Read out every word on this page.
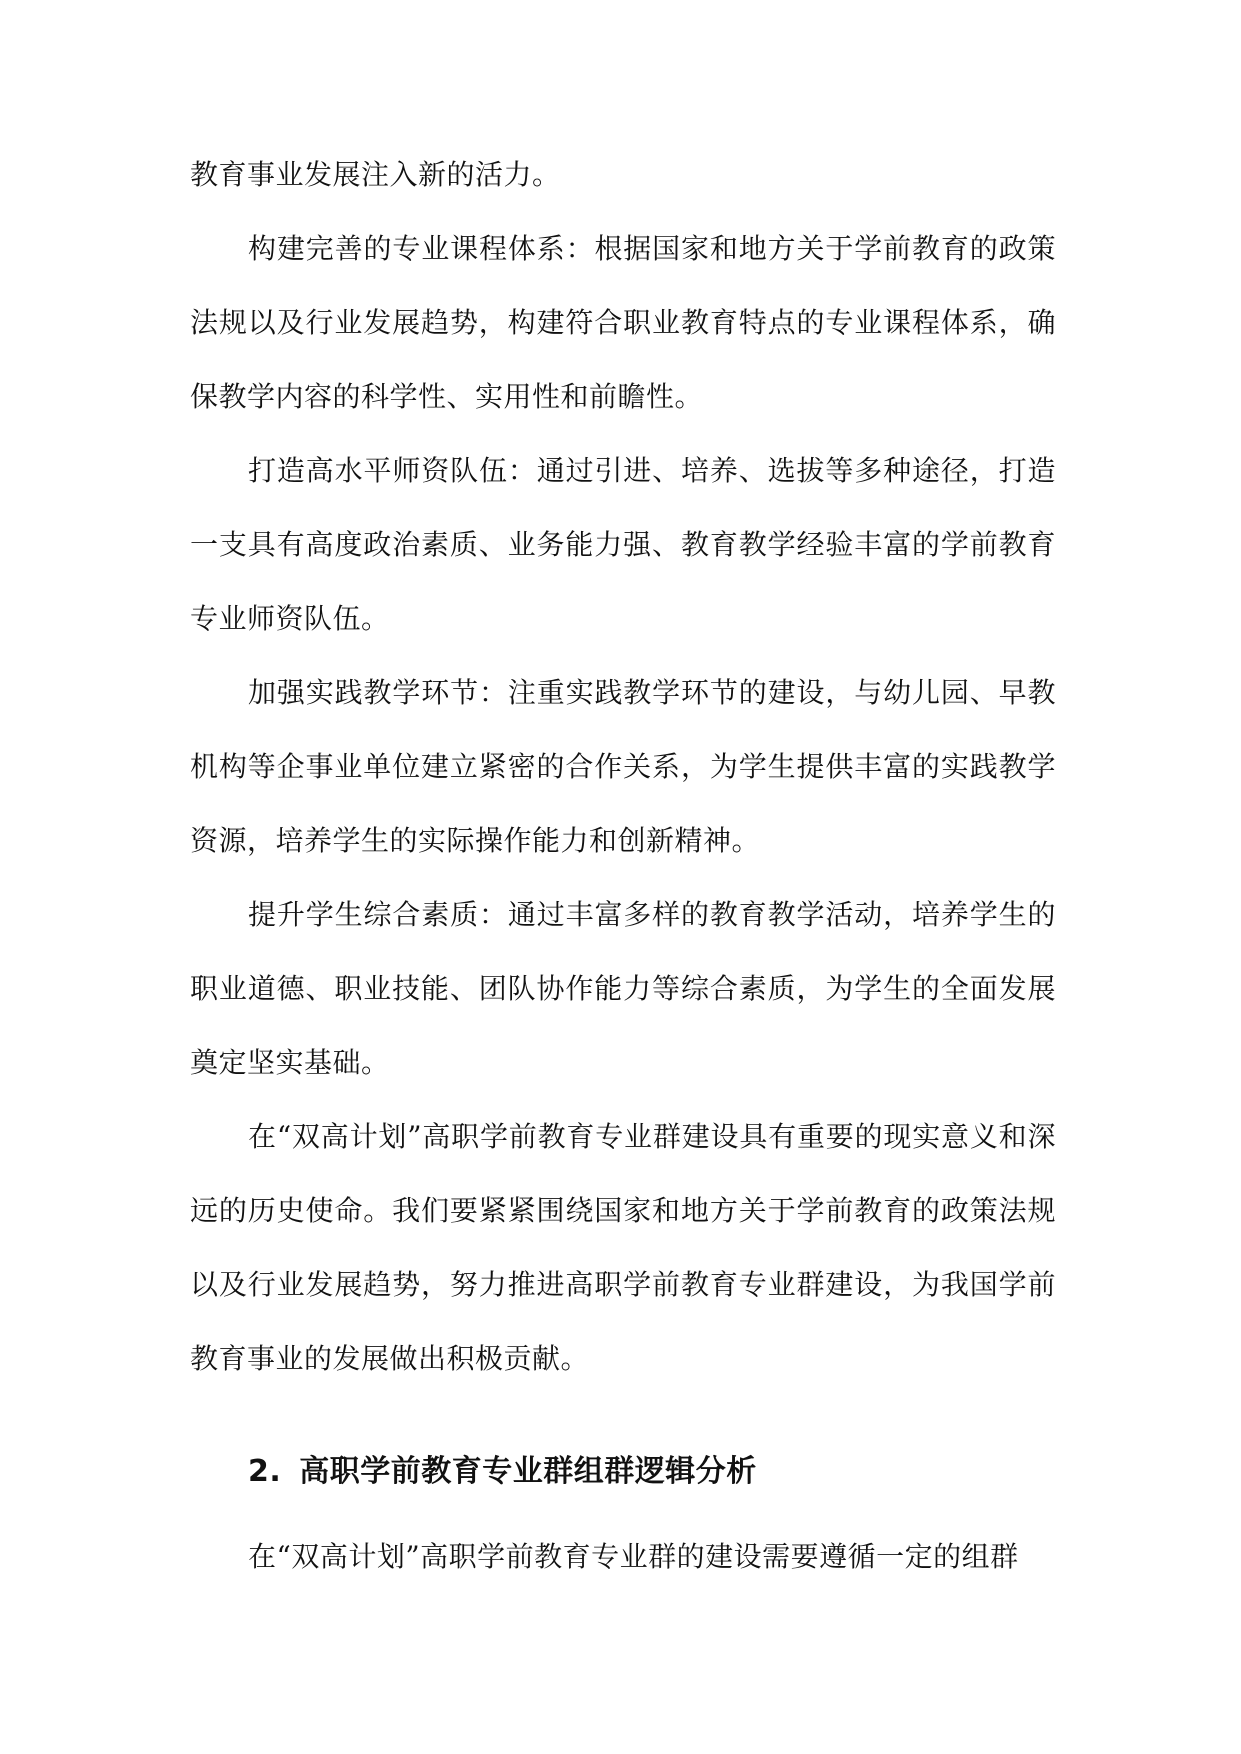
教育事业发展注入新的活力。

构建完善的专业课程体系：根据国家和地方关于学前教育的政策法规以及行业发展趋势，构建符合职业教育特点的专业课程体系，确保教学内容的科学性、实用性和前瞻性。

打造高水平师资队伍：通过引进、培养、选拔等多种途径，打造一支具有高度政治素质、业务能力强、教育教学经验丰富的学前教育专业师资队伍。

加强实践教学环节：注重实践教学环节的建设，与幼儿园、早教机构等企事业单位建立紧密的合作关系，为学生提供丰富的实践教学资源，培养学生的实际操作能力和创新精神。

提升学生综合素质：通过丰富多样的教育教学活动，培养学生的职业道德、职业技能、团队协作能力等综合素质，为学生的全面发展奠定坚实基础。

在“双高计划”高职学前教育专业群建设具有重要的现实意义和深远的历史使命。我们要紧紧围绕国家和地方关于学前教育的政策法规以及行业发展趋势，努力推进高职学前教育专业群建设，为我国学前教育事业的发展做出积极贡献。

2. 高职学前教育专业群组群逻辑分析

在“双高计划”高职学前教育专业群的建设需要遵循一定的组群
